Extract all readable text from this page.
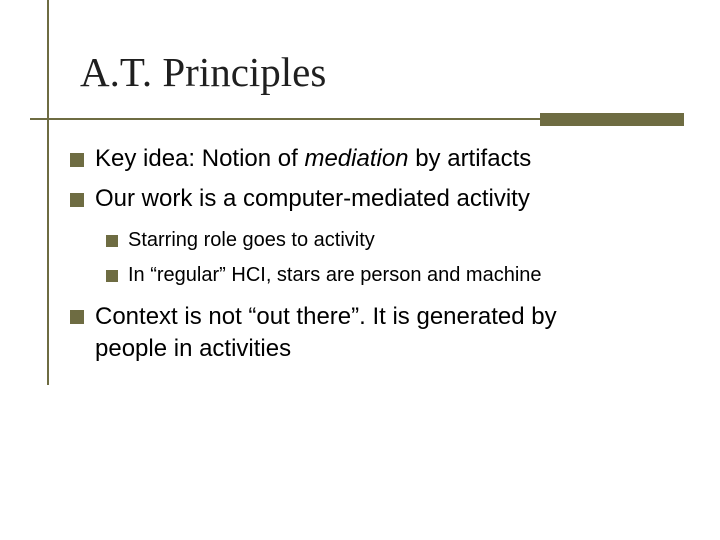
A.T. Principles
Key idea: Notion of mediation by artifacts
Our work is a computer-mediated activity
Starring role goes to activity
In “regular” HCI, stars are person and machine
Context is not “out there”. It is generated by
people in activities
